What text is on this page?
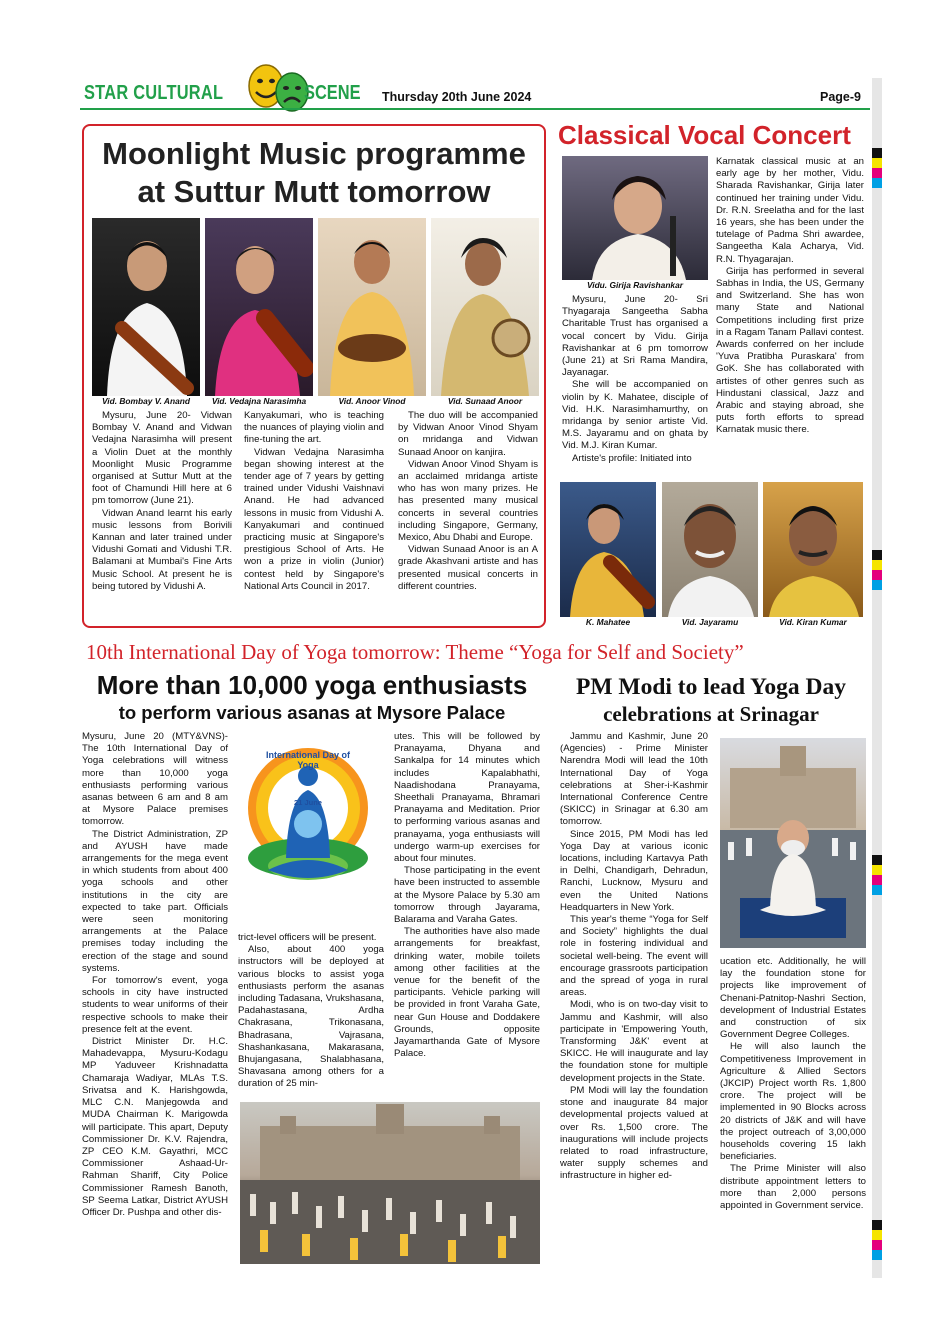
STAR CULTURAL	SCENE Thursday 20th June 2024	Page-9
Moonlight Music programme
at Suttur Mutt tomorrow
Vid. Bombay V. Anand	Vid. Vedajna Narasimha	Vid. Anoor Vinod	Vid. Sunaad Anoor

Mysuru, June 20- Vidwan Bombay V. Anand and Vidwan Vedajna Narasimha will present a Violin Duet at the monthly Moonlight Music Programme organised at Suttur Mutt at the foot of Chamundi Hill here at 6 pm tomorrow (June 21).

Vidwan Anand learnt his early music lessons from Borivili Kannan and later trained under Vidushi Gomati and Vidushi T.R. Balamani at Mumbai's Fine Arts Music School. At present he is being tutored by Vidushi A.

Kanyakumari, who is teaching the nuances of playing violin and fine-tuning the art.

Vidwan Vedajna Narasimha began showing interest at the tender age of 7 years by getting trained under Vidushi Vaishnavi Anand. He had advanced lessons in music from Vidushi A. Kanyakumari and continued practicing music at Singapore's prestigious School of Arts. He won a prize in violin (Junior) contest held by Singapore's National Arts Council in 2017.

The duo will be accompanied by Vidwan Anoor Vinod Shyam on mridanga and Vidwan Sunaad Anoor on kanjira.

Vidwan Anoor Vinod Shyam is an acclaimed mridanga artiste who has won many prizes. He has presented many musical concerts in several countries including Singapore, Germany, Mexico, Abu Dhabi and Europe.

Vidwan Sunaad Anoor is an A grade Akashvani artiste and has presented musical concerts in different countries.

Classical Vocal Concert
Vidu. Girija Ravishankar

Mysuru, June 20- Sri Thyagaraja Sangeetha Sabha Charitable Trust has organised a vocal concert by Vidu. Girija Ravishankar at 6 pm tomorrow (June 21) at Sri Rama Mandira, Jayanagar.

She will be accompanied on violin by K. Mahatee, disciple of Vid. H.K. Narasimhamurthy, on mridanga by senior artiste Vid. M.S. Jayaramu and on ghata by Vid. M.J. Kiran Kumar.

Artiste's profile: Initiated into

Karnatak classical music at an early age by her mother, Vidu. Sharada Ravishankar, Girija later continued her training under Vidu. Dr. R.N. Sreelatha and for the last 16 years, she has been under the tutelage of Padma Shri awardee, Sangeetha Kala Acharya, Vid. R.N. Thyagarajan.

Girija has performed in several Sabhas in India, the US, Germany and Switzerland. She has won many State and National Competitions including first prize in a Ragam Tanam Pallavi contest. Awards conferred on her include 'Yuva Pratibha Puraskara' from GoK. She has collaborated with artistes of other genres such as Hindustani classical, Jazz and Arabic and staying abroad, she puts forth efforts to spread Karnatak music there.

K. Mahatee	Vid. Jayaramu	Vid. Kiran Kumar
10th International Day of Yoga tomorrow: Theme “Yoga for Self and Society”
More than 10,000 yoga enthusiasts
to perform various asanas at Mysore Palace

Mysuru, June 20 (MTY&VNS)- The 10th International Day of Yoga celebrations will witness more than 10,000 yoga enthusiasts performing various asanas between 6 am and 8 am at Mysore Palace premises tomorrow.

The District Administration, ZP and AYUSH have made arrangements for the mega event in which students from about 400 yoga schools and other institutions in the city are expected to take part. Officials were seen monitoring arrangements at the Palace premises today including the erection of the stage and sound systems.

For tomorrow's event, yoga schools in city have instructed students to wear uniforms of their respective schools to make their presence felt at the event.

District Minister Dr. H.C. Mahadevappa, Mysuru-Kodagu MP Yaduveer Krishnadatta Chamaraja Wadiyar, MLAs T.S. Srivatsa and K. Harishgowda, MLC C.N. Manjegowda and MUDA Chairman K. Marigowda will participate. This apart, Deputy Commissioner Dr. K.V. Rajendra, ZP CEO K.M. Gayathri, MCC Commissioner Ashaad-Ur-Rahman Shariff, City Police Commissioner Ramesh Banoth, SP Seema Latkar, District AYUSH Officer Dr. Pushpa and other dis-

International Day of Yoga
21 June

trict-level officers will be present.

Also, about 400 yoga instructors will be deployed at various blocks to assist yoga enthusiasts perform the asanas including Tadasana, Vrukshasana, Padahastasana, Ardha Chakrasana, Trikonasana, Bhadrasana, Vajrasana, Shashankasana, Makarasana, Bhujangasana, Shalabhasana, Shavasana among others for a duration of 25 min-

utes. This will be followed by Pranayama, Dhyana and Sankalpa for 14 minutes which includes Kapalabhathi, Naadishodana Pranayama, Sheethali Pranayama, Bhramari Pranayama and Meditation. Prior to performing various asanas and pranayama, yoga enthusiasts will undergo warm-up exercises for about four minutes.

Those participating in the event have been instructed to assemble at the Mysore Palace by 5.30 am tomorrow through Jayarama, Balarama and Varaha Gates.

The authorities have also made arrangements for breakfast, drinking water, mobile toilets among other facilities at the venue for the benefit of the participants. Vehicle parking will be provided in front Varaha Gate, near Gun House and Doddakere Grounds, opposite Jayamarthanda Gate of Mysore Palace.

PM Modi to lead Yoga Day
celebrations at Srinagar

Jammu and Kashmir, June 20 (Agencies) - Prime Minister Narendra Modi will lead the 10th International Day of Yoga celebrations at Sher-i-Kashmir International Conference Centre (SKICC) in Srinagar at 6.30 am tomorrow.

Since 2015, PM Modi has led Yoga Day at various iconic locations, including Kartavya Path in Delhi, Chandigarh, Dehradun, Ranchi, Lucknow, Mysuru and even the United Nations Headquarters in New York.

This year's theme “Yoga for Self and Society” highlights the dual role in fostering individual and societal well-being. The event will encourage grassroots participation and the spread of yoga in rural areas.

Modi, who is on two-day visit to Jammu and Kashmir, will also participate in 'Empowering Youth, Transforming J&K' event at SKICC. He will inaugurate and lay the foundation stone for multiple development projects in the State.

PM Modi will lay the foundation stone and inaugurate 84 major developmental projects valued at over Rs. 1,500 crore. The inaugurations will include projects related to road infrastructure, water supply schemes and infrastructure in higher ed-

ucation etc. Additionally, he will lay the foundation stone for projects like improvement of Chenani-Patnitop-Nashri Section, development of Industrial Estates and construction of six Government Degree Colleges.

He will also launch the Competitiveness Improvement in Agriculture & Allied Sectors (JKCIP) Project worth Rs. 1,800 crore. The project will be implemented in 90 Blocks across 20 districts of J&K and will have the project outreach of 3,00,000 households covering 15 lakh beneficiaries.

The Prime Minister will also distribute appointment letters to more than 2,000 persons appointed in Government service.
